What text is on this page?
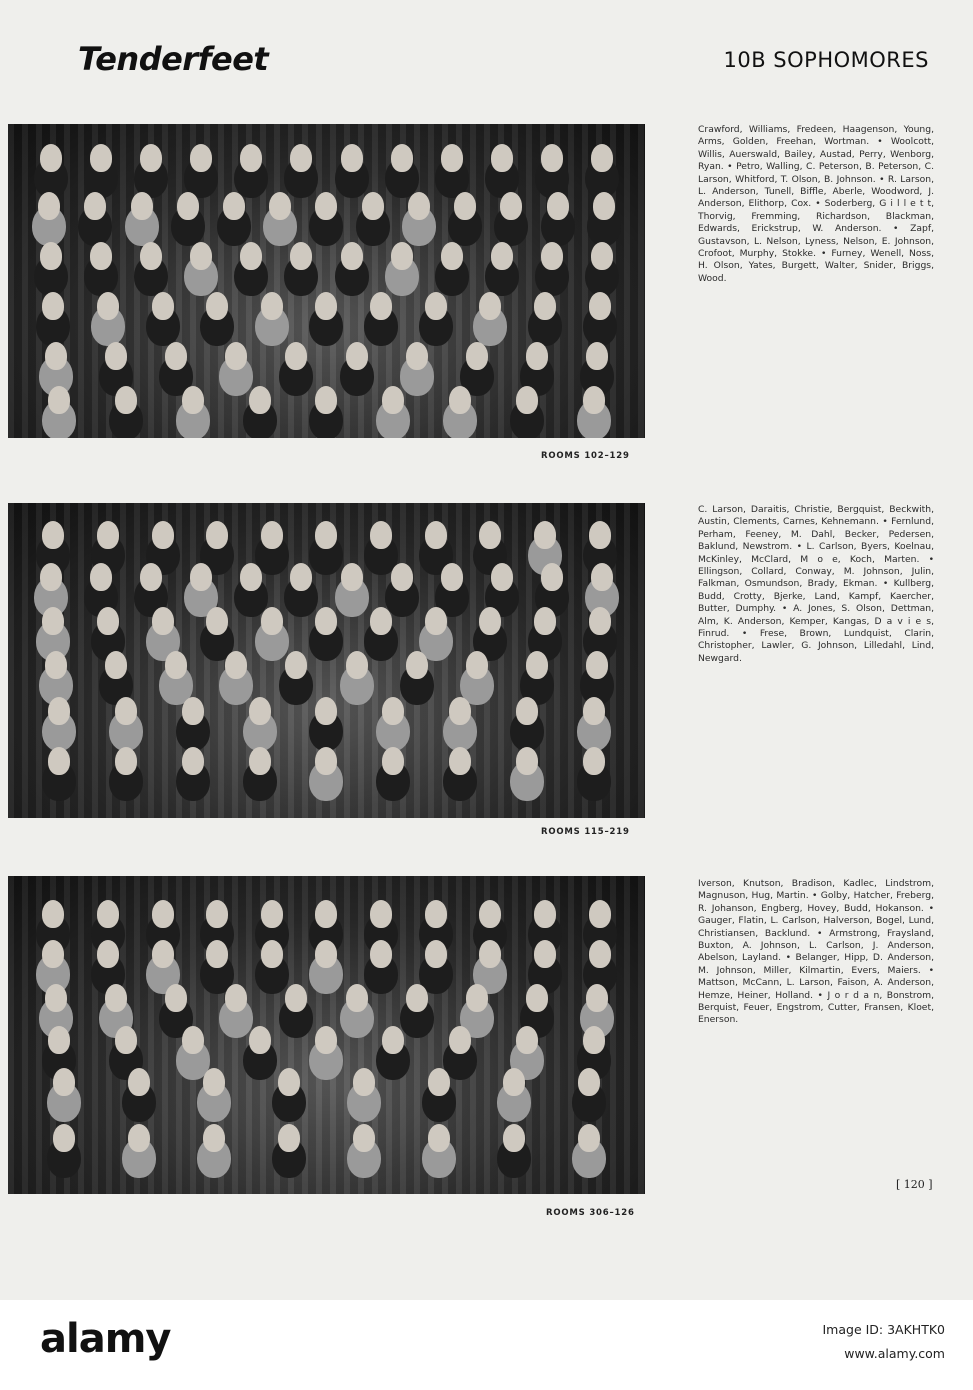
Tenderfeet	10B SOPHOMORES
Crawford, Williams, Fredeen, Haagenson, Young, Arms, Golden, Freehan, Wortman. • Woolcott, Willis, Auerswald, Bailey, Austad, Perry, Wenborg, Ryan. • Petro, Walling, C. Peterson, B. Peterson, C. Larson, Whitford, T. Olson, B. Johnson. • R. Larson, L. Anderson, Tunell, Biffle, Aberle, Woodword, J. Anderson, Elithorp, Cox. • Soderberg, G i l l e t t, Thorvig, Fremming, Richardson, Blackman, Edwards, Erickstrup, W. Anderson. • Zapf, Gustavson, L. Nelson, Lyness, Nelson, E. Johnson, Crofoot, Murphy, Stokke. • Furney, Wenell, Noss, H. Olson, Yates, Burgett, Walter, Snider, Briggs, Wood.
ROOMS 102–129
C. Larson, Daraitis, Christie, Bergquist, Beckwith, Austin, Clements, Carnes, Kehnemann. • Fernlund, Perham, Feeney, M. Dahl, Becker, Pedersen, Baklund, Newstrom. • L. Carlson, Byers, Koelnau, McKinley, McClard, M o e, Koch, Marten. • Ellingson, Collard, Conway, M. Johnson, Julin, Falkman, Osmundson, Brady, Ekman. • Kullberg, Budd, Crotty, Bjerke, Land, Kampf, Kaercher, Butter, Dumphy. • A. Jones, S. Olson, Dettman, Alm, K. Anderson, Kemper, Kangas, D a v i e s, Finrud. • Frese, Brown, Lundquist, Clarin, Christopher, Lawler, G. Johnson, Lilledahl, Lind, Newgard.
ROOMS 115–219
Iverson, Knutson, Bradison, Kadlec, Lindstrom, Magnuson, Hug, Martin. • Golby, Hatcher, Freberg, R. Johanson, Engberg, Hovey, Budd, Hokanson. • Gauger, Flatin, L. Carlson, Halverson, Bogel, Lund, Christiansen, Backlund. • Armstrong, Fraysland, Buxton, A. Johnson, L. Carlson, J. Anderson, Abelson, Layland. • Belanger, Hipp, D. Anderson, M. Johnson, Miller, Kilmartin, Evers, Maiers. • Mattson, McCann, L. Larson, Faison, A. Anderson, Hemze, Heiner, Holland. • J o r d a n, Bonstrom, Berquist, Feuer, Engstrom, Cutter, Fransen, Kloet, Enerson.
ROOMS 306–126
[ 120 ]
alamy	Image ID: 3AKHTK0
www.alamy.com
